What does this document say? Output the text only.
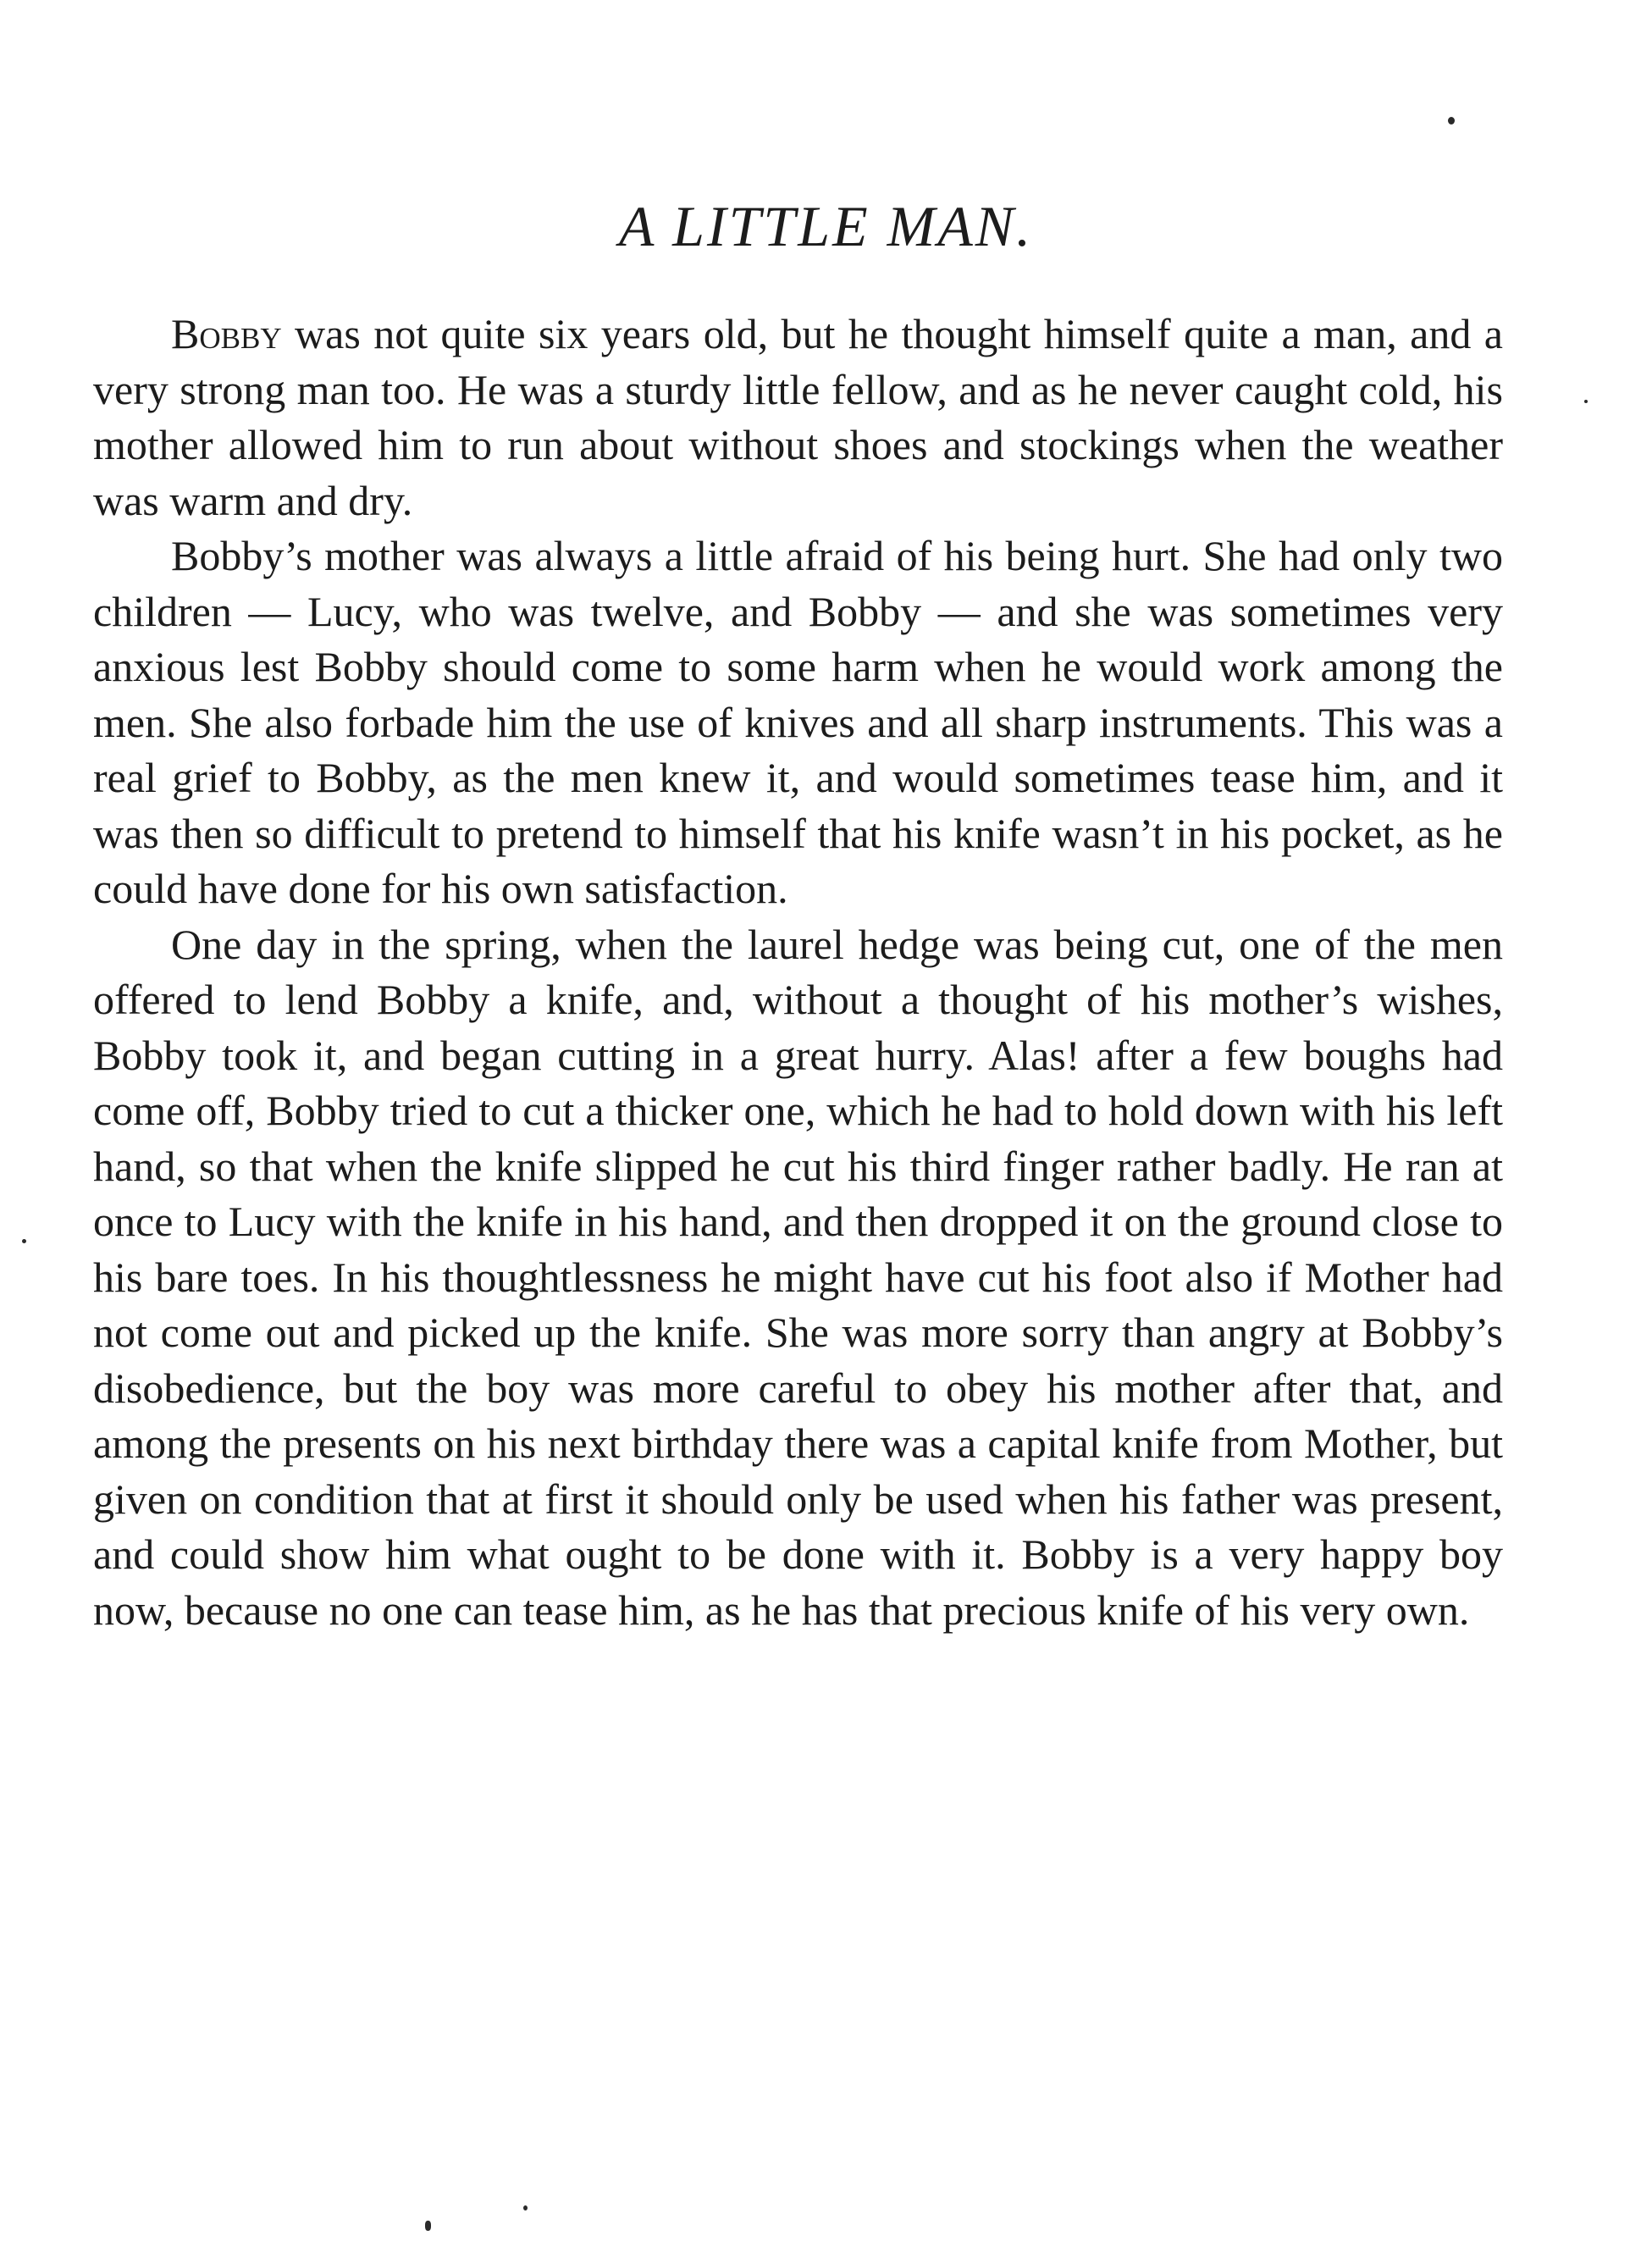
A LITTLE MAN.

Bobby was not quite six years old, but he thought himself quite a man, and a very strong man too. He was a sturdy little fellow, and as he never caught cold, his mother allowed him to run about without shoes and stockings when the weather was warm and dry.

Bobby’s mother was always a little afraid of his being hurt. She had only two children — Lucy, who was twelve, and Bobby — and she was sometimes very anxious lest Bobby should come to some harm when he would work among the men. She also forbade him the use of knives and all sharp instruments. This was a real grief to Bobby, as the men knew it, and would sometimes tease him, and it was then so difficult to pretend to himself that his knife wasn’t in his pocket, as he could have done for his own satisfaction.

One day in the spring, when the laurel hedge was being cut, one of the men offered to lend Bobby a knife, and, without a thought of his mother’s wishes, Bobby took it, and began cutting in a great hurry. Alas! after a few boughs had come off, Bobby tried to cut a thicker one, which he had to hold down with his left hand, so that when the knife slipped he cut his third finger rather badly. He ran at once to Lucy with the knife in his hand, and then dropped it on the ground close to his bare toes. In his thoughtlessness he might have cut his foot also if Mother had not come out and picked up the knife. She was more sorry than angry at Bobby’s disobedience, but the boy was more careful to obey his mother after that, and among the presents on his next birthday there was a capital knife from Mother, but given on condition that at first it should only be used when his father was present, and could show him what ought to be done with it. Bobby is a very happy boy now, because no one can tease him, as he has that precious knife of his very own.
